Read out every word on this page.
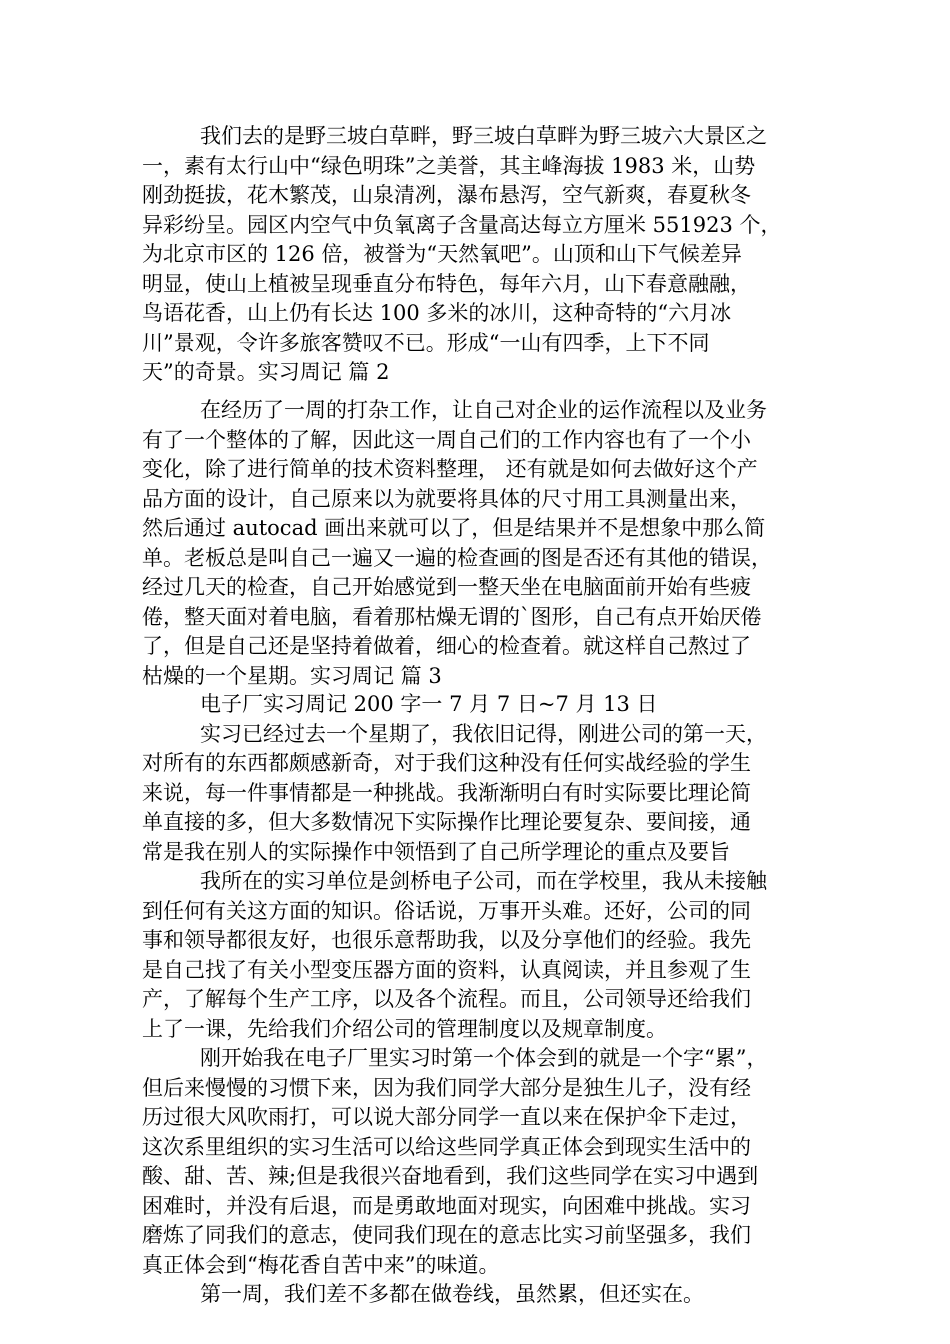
我们去的是野三坡白草畔，野三坡白草畔为野三坡六大景区之
一，素有太行山中“绿色明珠”之美誉，其主峰海拔 1983 米，山势
刚劲挺拔，花木繁茂，山泉清冽，瀑布悬泻，空气新爽，春夏秋冬
异彩纷呈。园区内空气中负氧离子含量高达每立方厘米 551923 个，
为北京市区的 126 倍，被誉为“天然氧吧”。山顶和山下气候差异
明显，使山上植被呈现垂直分布特色，每年六月，山下春意融融，
鸟语花香，山上仍有长达 100 多米的冰川，这种奇特的“六月冰
川”景观，令许多旅客赞叹不已。形成“一山有四季，上下不同
天”的奇景。实习周记 篇 2
在经历了一周的打杂工作，让自己对企业的运作流程以及业务
有了一个整体的了解，因此这一周自己们的工作内容也有了一个小
变化，除了进行简单的技术资料整理， 还有就是如何去做好这个产
品方面的设计，自己原来以为就要将具体的尺寸用工具测量出来，
然后通过 autocad 画出来就可以了，但是结果并不是想象中那么简
单。老板总是叫自己一遍又一遍的检查画的图是否还有其他的错误，
经过几天的检查，自己开始感觉到一整天坐在电脑面前开始有些疲
倦，整天面对着电脑，看着那枯燥无谓的`图形，自己有点开始厌倦
了，但是自己还是坚持着做着，细心的检查着。就这样自己熬过了
枯燥的一个星期。实习周记 篇 3
电子厂实习周记 200 字一 7 月 7 日~7 月 13 日
实习已经过去一个星期了，我依旧记得，刚进公司的第一天，
对所有的东西都颇感新奇，对于我们这种没有任何实战经验的学生
来说，每一件事情都是一种挑战。我渐渐明白有时实际要比理论简
单直接的多，但大多数情况下实际操作比理论要复杂、要间接，通
常是我在别人的实际操作中领悟到了自己所学理论的重点及要旨
我所在的实习单位是剑桥电子公司，而在学校里，我从未接触
到任何有关这方面的知识。俗话说，万事开头难。还好，公司的同
事和领导都很友好，也很乐意帮助我，以及分享他们的经验。我先
是自己找了有关小型变压器方面的资料，认真阅读，并且参观了生
产，了解每个生产工序，以及各个流程。而且，公司领导还给我们
上了一课，先给我们介绍公司的管理制度以及规章制度。
刚开始我在电子厂里实习时第一个体会到的就是一个字“累”，
但后来慢慢的习惯下来，因为我们同学大部分是独生儿子，没有经
历过很大风吹雨打，可以说大部分同学一直以来在保护伞下走过，
这次系里组织的实习生活可以给这些同学真正体会到现实生活中的
酸、甜、苦、辣;但是我很兴奋地看到，我们这些同学在实习中遇到
困难时，并没有后退，而是勇敢地面对现实，向困难中挑战。实习
磨炼了同我们的意志，使同我们现在的意志比实习前坚强多，我们
真正体会到“梅花香自苦中来”的味道。
第一周，我们差不多都在做卷线，虽然累，但还实在。
